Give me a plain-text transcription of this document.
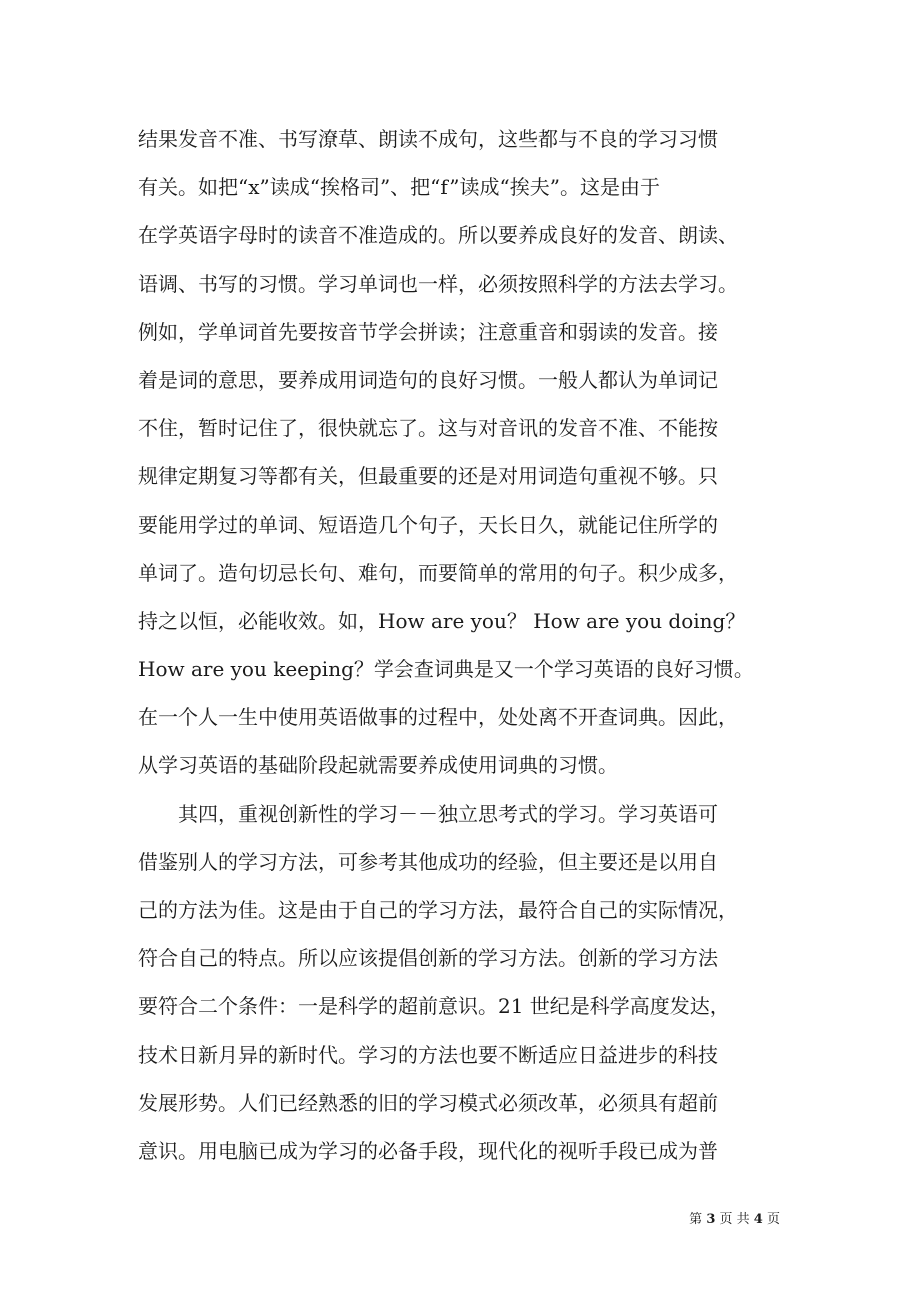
结果发音不准、书写潦草、朗读不成句，这些都与不良的学习习惯

有关。如把“x”读成“挨格司”、把“f”读成“挨夫”。这是由于

在学英语字母时的读音不准造成的。所以要养成良好的发音、朗读、

语调、书写的习惯。学习单词也一样，必须按照科学的方法去学习。

例如，学单词首先要按音节学会拼读；注意重音和弱读的发音。接

着是词的意思，要养成用词造句的良好习惯。一般人都认为单词记

不住，暂时记住了，很快就忘了。这与对音讯的发音不准、不能按

规律定期复习等都有关，但最重要的还是对用词造句重视不够。只

要能用学过的单词、短语造几个句子，天长日久，就能记住所学的

单词了。造句切忌长句、难句，而要简单的常用的句子。积少成多，

持之以恒，必能收效。如，How are you？ How are you doing？

How are you keeping？学会查词典是又一个学习英语的良好习惯。

在一个人一生中使用英语做事的过程中，处处离不开查词典。因此，

从学习英语的基础阶段起就需要养成使用词典的习惯。

其四，重视创新性的学习－－独立思考式的学习。学习英语可

借鉴别人的学习方法，可参考其他成功的经验，但主要还是以用自

己的方法为佳。这是由于自己的学习方法，最符合自己的实际情况，

符合自己的特点。所以应该提倡创新的学习方法。创新的学习方法

要符合二个条件：一是科学的超前意识。21 世纪是科学高度发达，

技术日新月异的新时代。学习的方法也要不断适应日益进步的科技

发展形势。人们已经熟悉的旧的学习模式必须改革，必须具有超前

意识。用电脑已成为学习的必备手段，现代化的视听手段已成为普

第 3 页 共 4 页
